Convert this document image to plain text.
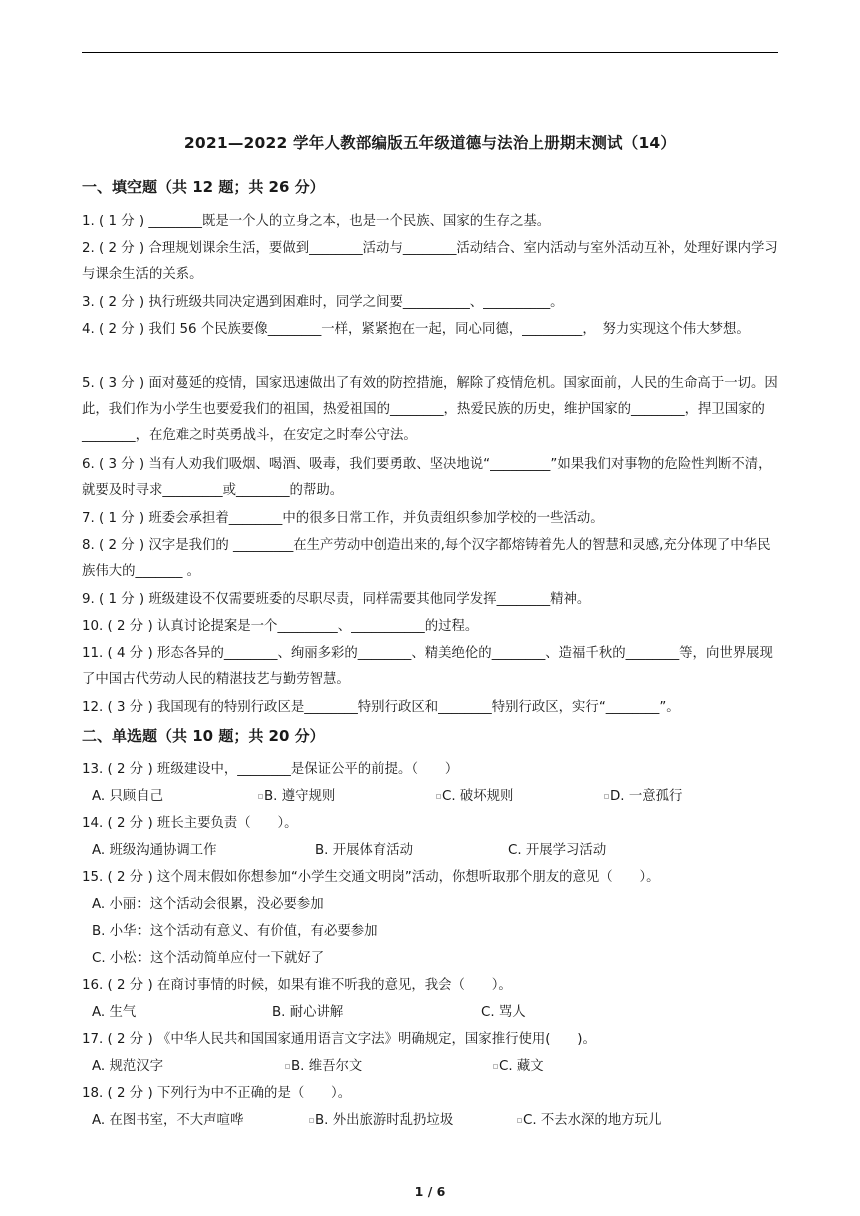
2021—2022 学年人教部编版五年级道德与法治上册期末测试（14）
一、填空题（共 12 题；共 26 分）
1. ( 1 分 ) ________既是一个人的立身之本，也是一个民族、国家的生存之基。
2. ( 2 分 ) 合理规划课余生活，要做到________活动与________活动结合、室内活动与室外活动互补，处理好课内学习与课余生活的关系。
3. ( 2 分 ) 执行班级共同决定遇到困难时，同学之间要__________、__________。
4. ( 2 分 ) 我们 56 个民族要像________一样，紧紧抱在一起，同心同德，_________，　努力实现这个伟大梦想。
5. ( 3 分 ) 面对蔓延的疫情，国家迅速做出了有效的防控措施，解除了疫情危机。国家面前，人民的生命高于一切。因此，我们作为小学生也要爱我们的祖国，热爱祖国的________，热爱民族的历史，维护国家的________，捍卫国家的________，在危难之时英勇战斗，在安定之时奉公守法。
6. ( 3 分 ) 当有人劝我们吸烟、喝酒、吸毒，我们要勇敢、坚决地说“_________”如果我们对事物的危险性判断不清，就要及时寻求_________或________的帮助。
7. ( 1 分 ) 班委会承担着________中的很多日常工作，并负责组织参加学校的一些活动。
8. ( 2 分 ) 汉字是我们的 _________在生产劳动中创造出来的,每个汉字都熔铸着先人的智慧和灵感,充分体现了中华民族伟大的_______ 。
9. ( 1 分 ) 班级建设不仅需要班委的尽职尽责，同样需要其他同学发挥________精神。
10. ( 2 分 ) 认真讨论提案是一个_________、___________的过程。
11. ( 4 分 ) 形态各异的________、绚丽多彩的________、精美绝伦的________、造福千秋的________等，向世界展现了中国古代劳动人民的精湛技艺与勤劳智慧。
12. ( 3 分 ) 我国现有的特别行政区是________特别行政区和________特别行政区，实行“________”。
二、单选题（共 10 题；共 20 分）
13. ( 2 分 ) 班级建设中，________是保证公平的前提。（　　）
A. 只顾自己	B. 遵守规则	C. 破坏规则	D. 一意孤行
14. ( 2 分 ) 班长主要负责（　　）。
A. 班级沟通协调工作	B. 开展体育活动	C. 开展学习活动
15. ( 2 分 ) 这个周末假如你想参加“小学生交通文明岗”活动，你想听取那个朋友的意见（　　）。
A. 小丽：这个活动会很累，没必要参加
B. 小华：这个活动有意义、有价值，有必要参加
C. 小松：这个活动简单应付一下就好了
16. ( 2 分 ) 在商讨事情的时候，如果有谁不听我的意见，我会（　　）。
A. 生气	B. 耐心讲解	C. 骂人
17. ( 2 分 ) 《中华人民共和国国家通用语言文字法》明确规定，国家推行使用(　　)。
A. 规范汉字	B. 维吾尔文	C. 藏文
18. ( 2 分 ) 下列行为中不正确的是（　　）。
A. 在图书室，不大声喧哗	B. 外出旅游时乱扔垃圾	C. 不去水深的地方玩儿
1 / 6
